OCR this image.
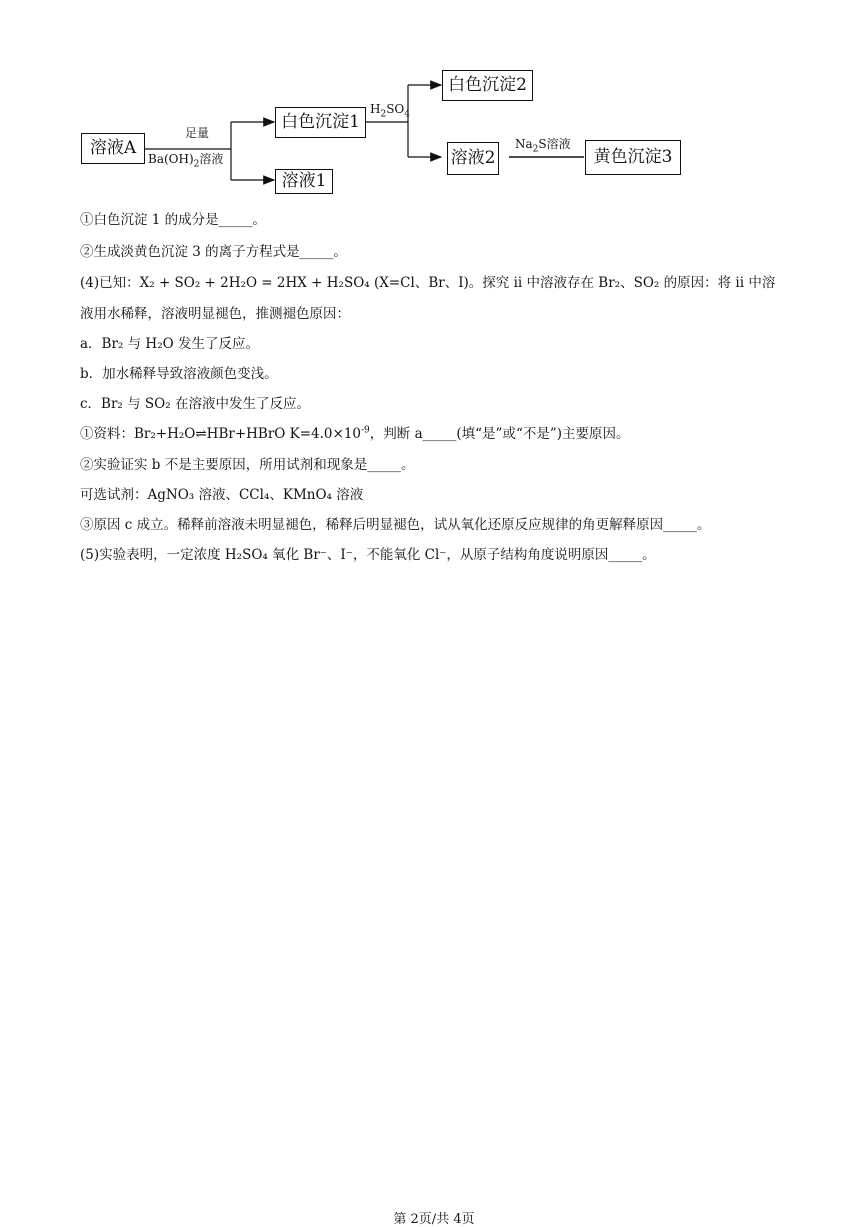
溶液A
足量
$Ba(OH)_2$溶液
白色沉淀1
溶液1
$H_2SO_4$
白色沉淀2
溶液2
$Na_2S$溶液
黄色沉淀3
①白色沉淀 1 的成分是_____。
②生成淡黄色沉淀 3 的离子方程式是_____。
(4)已知：X₂ + SO₂ + 2H₂O = 2HX + H₂SO₄ (X=Cl、Br、I)。探究 ii 中溶液存在 Br₂、SO₂ 的原因：将 ii 中溶
液用水稀释，溶液明显褪色，推测褪色原因：
a．Br₂ 与 H₂O 发生了反应。
b．加水稀释导致溶液颜色变浅。
c．Br₂ 与 SO₂ 在溶液中发生了反应。
①资料：Br₂+H₂O⇌HBr+HBrO $K=4.0\times 10^{-9}$，判断 a_____(填“是”或“不是”)主要原因。
②实验证实 b 不是主要原因，所用试剂和现象是_____。
可选试剂：AgNO₃ 溶液、CCl₄、KMnO₄ 溶液
③原因 c 成立。稀释前溶液未明显褪色，稀释后明显褪色，试从氧化还原反应规律的角更解释原因_____。
(5)实验表明，一定浓度 H₂SO₄ 氧化 Br⁻、I⁻，不能氧化 Cl⁻，从原子结构角度说明原因_____。
第 2页/共 4页
